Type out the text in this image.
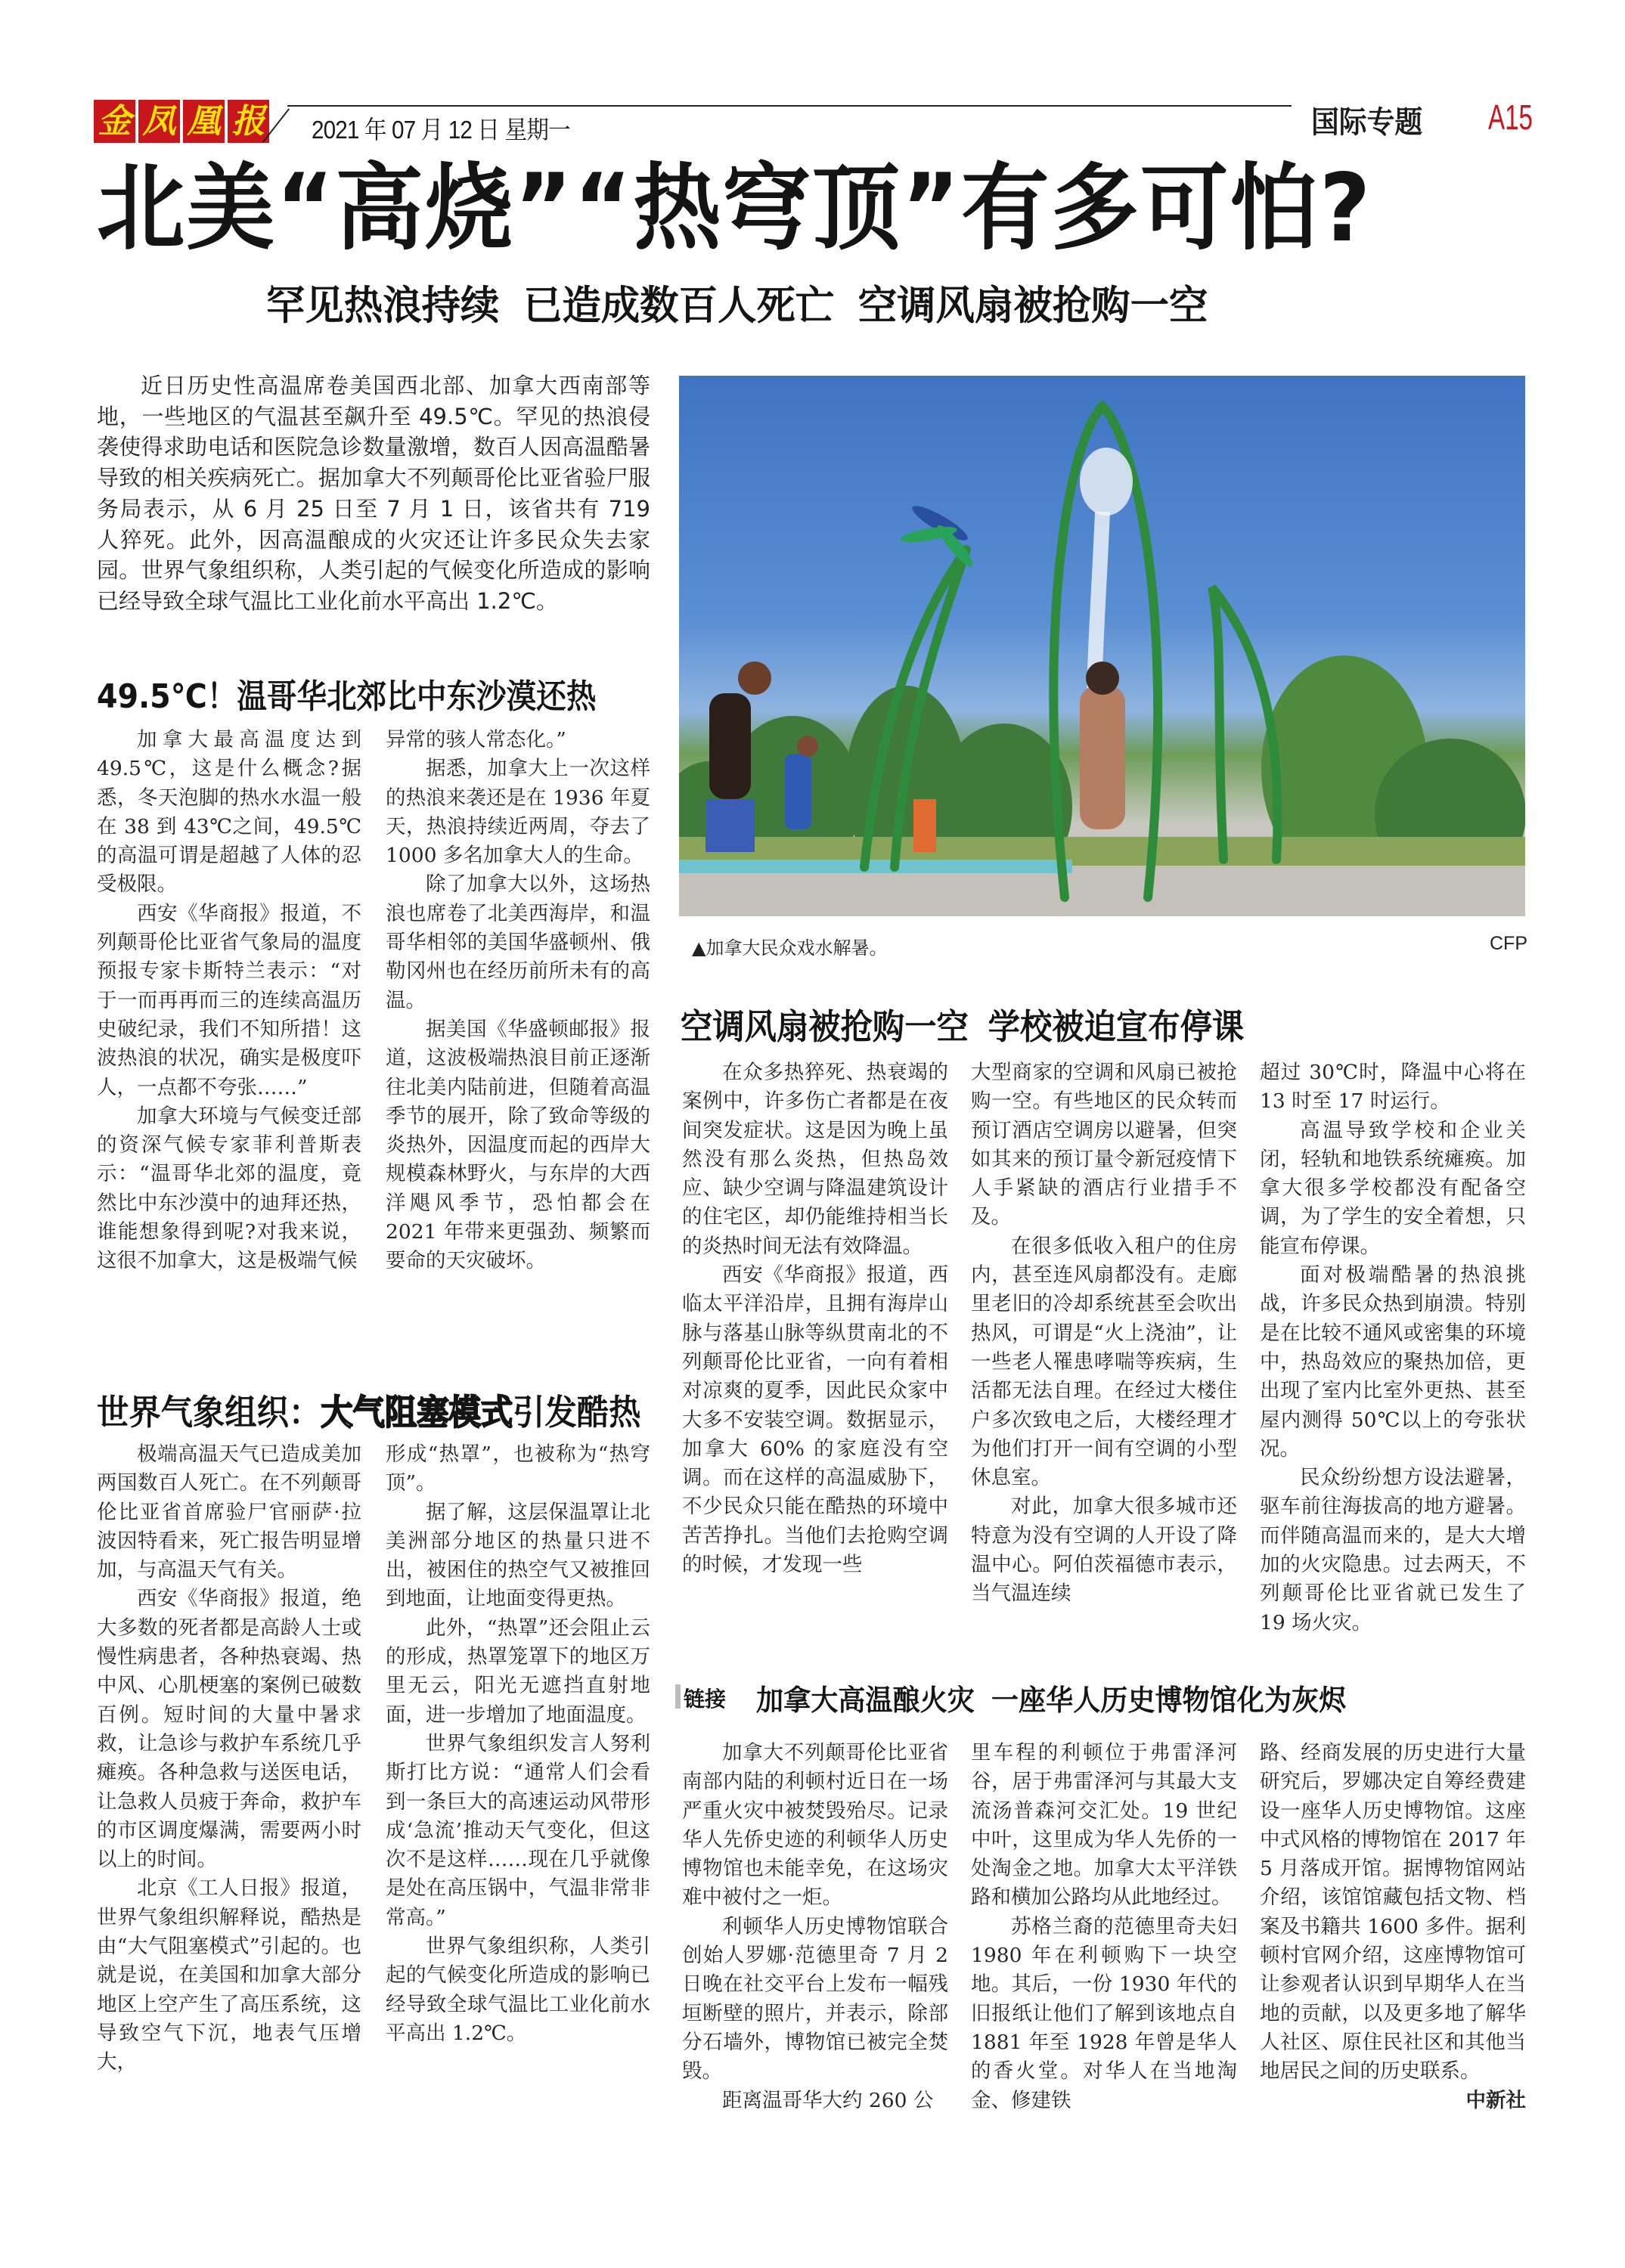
金 凤 凰 报 2021 年 07 月 12 日 星期一	国际专题 A15
北美“高烧”“热穹顶”有多可怕?
罕见热浪持续 已造成数百人死亡 空调风扇被抢购一空

近日历史性高温席卷美国西北部、加拿大西南部等地，一些地区的气温甚至飙升至 49.5℃。罕见的热浪侵袭使得求助电话和医院急诊数量激增，数百人因高温酷暑导致的相关疾病死亡。据加拿大不列颠哥伦比亚省验尸服务局表示，从 6 月 25 日至 7 月 1 日，该省共有 719 人猝死。此外，因高温酿成的火灾还让许多民众失去家园。世界气象组织称，人类引起的气候变化所造成的影响已经导致全球气温比工业化前水平高出 1.2℃。

49.5℃！温哥华北郊比中东沙漠还热

加拿大最高温度达到 49.5℃，这是什么概念?据悉，冬天泡脚的热水水温一般在 38 到 43℃之间，49.5℃的高温可谓是超越了人体的忍受极限。

西安《华商报》报道，不列颠哥伦比亚省气象局的温度预报专家卡斯特兰表示：“对于一而再再而三的连续高温历史破纪录，我们不知所措！这波热浪的状况，确实是极度吓人，一点都不夸张……”

加拿大环境与气候变迁部的资深气候专家菲利普斯表示：“温哥华北郊的温度，竟然比中东沙漠中的迪拜还热，谁能想象得到呢?对我来说，这很不加拿大，这是极端气候

异常的骇人常态化。”

据悉，加拿大上一次这样的热浪来袭还是在 1936 年夏天，热浪持续近两周，夺去了 1000 多名加拿大人的生命。

除了加拿大以外，这场热浪也席卷了北美西海岸，和温哥华相邻的美国华盛顿州、俄勒冈州也在经历前所未有的高温。

据美国《华盛顿邮报》报道，这波极端热浪目前正逐渐往北美内陆前进，但随着高温季节的展开，除了致命等级的炎热外，因温度而起的西岸大规模森林野火，与东岸的大西洋飓风季节，恐怕都会在 2021 年带来更强劲、频繁而要命的天灾破坏。

世界气象组织：大气阻塞模式引发酷热

极端高温天气已造成美加两国数百人死亡。在不列颠哥伦比亚省首席验尸官丽萨·拉波因特看来，死亡报告明显增加，与高温天气有关。

西安《华商报》报道，绝大多数的死者都是高龄人士或慢性病患者，各种热衰竭、热中风、心肌梗塞的案例已破数百例。短时间的大量中暑求救，让急诊与救护车系统几乎瘫痪。各种急救与送医电话，让急救人员疲于奔命，救护车的市区调度爆满，需要两小时以上的时间。

北京《工人日报》报道，世界气象组织解释说，酷热是由“大气阻塞模式”引起的。也就是说，在美国和加拿大部分地区上空产生了高压系统，这导致空气下沉，地表气压增大，

形成“热罩”，也被称为“热穹顶”。

据了解，这层保温罩让北美洲部分地区的热量只进不出，被困住的热空气又被推回到地面，让地面变得更热。

此外，“热罩”还会阻止云的形成，热罩笼罩下的地区万里无云，阳光无遮挡直射地面，进一步增加了地面温度。

世界气象组织发言人努利斯打比方说：“通常人们会看到一条巨大的高速运动风带形成‘急流’推动天气变化，但这次不是这样……现在几乎就像是处在高压锅中，气温非常非常高。”

世界气象组织称，人类引起的气候变化所造成的影响已经导致全球气温比工业化前水平高出 1.2℃。

▲加拿大民众戏水解暑。	CFP
空调风扇被抢购一空 学校被迫宣布停课

在众多热猝死、热衰竭的案例中，许多伤亡者都是在夜间突发症状。这是因为晚上虽然没有那么炎热，但热岛效应、缺少空调与降温建筑设计的住宅区，却仍能维持相当长的炎热时间无法有效降温。

西安《华商报》报道，西临太平洋沿岸，且拥有海岸山脉与落基山脉等纵贯南北的不列颠哥伦比亚省，一向有着相对凉爽的夏季，因此民众家中大多不安装空调。数据显示，加拿大 60% 的家庭没有空调。而在这样的高温威胁下，不少民众只能在酷热的环境中苦苦挣扎。当他们去抢购空调的时候，才发现一些

大型商家的空调和风扇已被抢购一空。有些地区的民众转而预订酒店空调房以避暑，但突如其来的预订量令新冠疫情下人手紧缺的酒店行业措手不及。

在很多低收入租户的住房内，甚至连风扇都没有。走廊里老旧的冷却系统甚至会吹出热风，可谓是“火上浇油”，让一些老人罹患哮喘等疾病，生活都无法自理。在经过大楼住户多次致电之后，大楼经理才为他们打开一间有空调的小型休息室。

对此，加拿大很多城市还特意为没有空调的人开设了降温中心。阿伯茨福德市表示，当气温连续

超过 30℃时，降温中心将在 13 时至 17 时运行。

高温导致学校和企业关闭，轻轨和地铁系统瘫痪。加拿大很多学校都没有配备空调，为了学生的安全着想，只能宣布停课。

面对极端酷暑的热浪挑战，许多民众热到崩溃。特别是在比较不通风或密集的环境中，热岛效应的聚热加倍，更出现了室内比室外更热、甚至屋内测得 50℃以上的夸张状况。

民众纷纷想方设法避暑，驱车前往海拔高的地方避暑。而伴随高温而来的，是大大增加的火灾隐患。过去两天，不列颠哥伦比亚省就已发生了 19 场火灾。

链接 加拿大高温酿火灾 一座华人历史博物馆化为灰烬

加拿大不列颠哥伦比亚省南部内陆的利顿村近日在一场严重火灾中被焚毁殆尽。记录华人先侨史迹的利顿华人历史博物馆也未能幸免，在这场灾难中被付之一炬。

利顿华人历史博物馆联合创始人罗娜·范德里奇 7 月 2 日晚在社交平台上发布一幅残垣断壁的照片，并表示，除部分石墙外，博物馆已被完全焚毁。

距离温哥华大约 260 公

里车程的利顿位于弗雷泽河谷，居于弗雷泽河与其最大支流汤普森河交汇处。19 世纪中叶，这里成为华人先侨的一处淘金之地。加拿大太平洋铁路和横加公路均从此地经过。

苏格兰裔的范德里奇夫妇 1980 年在利顿购下一块空地。其后，一份 1930 年代的旧报纸让他们了解到该地点自 1881 年至 1928 年曾是华人的香火堂。对华人在当地淘金、修建铁

路、经商发展的历史进行大量研究后，罗娜决定自筹经费建设一座华人历史博物馆。这座中式风格的博物馆在 2017 年 5 月落成开馆。据博物馆网站介绍，该馆馆藏包括文物、档案及书籍共 1600 多件。据利顿村官网介绍，这座博物馆可让参观者认识到早期华人在当地的贡献，以及更多地了解华人社区、原住民社区和其他当地居民之间的历史联系。
中新社
